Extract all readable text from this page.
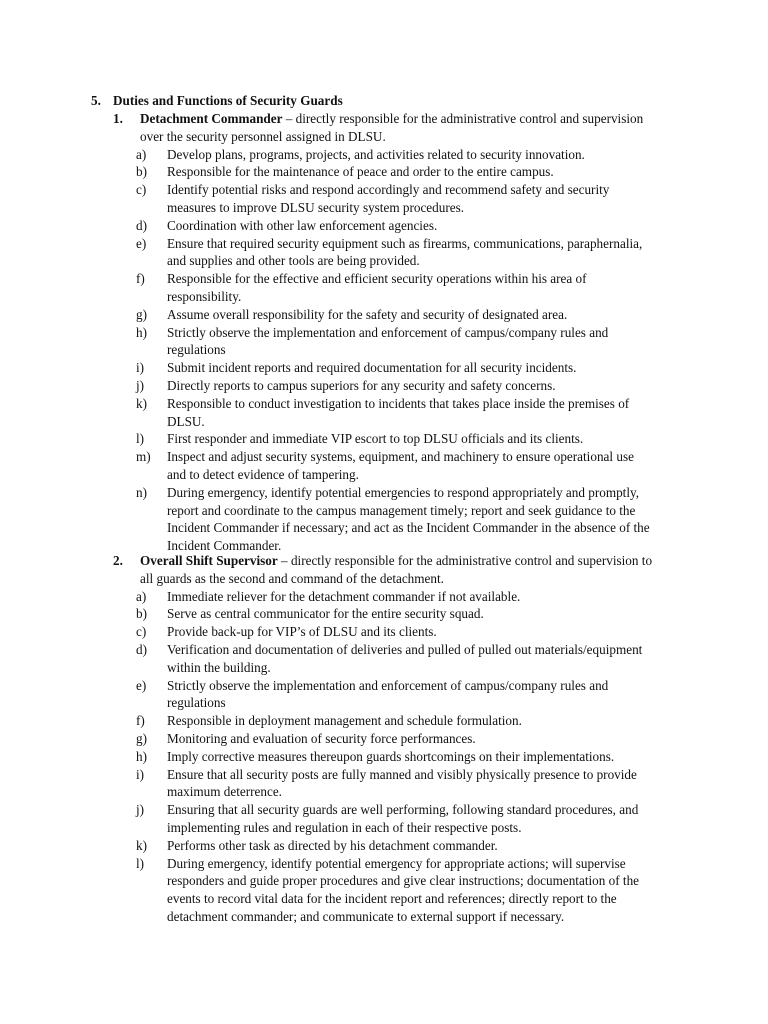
5. Duties and Functions of Security Guards
1. Detachment Commander – directly responsible for the administrative control and supervision
over the security personnel assigned in DLSU.
a) Develop plans, programs, projects, and activities related to security innovation.
b) Responsible for the maintenance of peace and order to the entire campus.
c) Identify potential risks and respond accordingly and recommend safety and security
measures to improve DLSU security system procedures.
d) Coordination with other law enforcement agencies.
e) Ensure that required security equipment such as firearms, communications, paraphernalia,
and supplies and other tools are being provided.
f) Responsible for the effective and efficient security operations within his area of
responsibility.
g) Assume overall responsibility for the safety and security of designated area.
h) Strictly observe the implementation and enforcement of campus/company rules and
regulations
i) Submit incident reports and required documentation for all security incidents.
j) Directly reports to campus superiors for any security and safety concerns.
k) Responsible to conduct investigation to incidents that takes place inside the premises of
DLSU.
l) First responder and immediate VIP escort to top DLSU officials and its clients.
m) Inspect and adjust security systems, equipment, and machinery to ensure operational use
and to detect evidence of tampering.
n) During emergency, identify potential emergencies to respond appropriately and promptly,
report and coordinate to the campus management timely; report and seek guidance to the
Incident Commander if necessary; and act as the Incident Commander in the absence of the
Incident Commander.
2. Overall Shift Supervisor – directly responsible for the administrative control and supervision to
all guards as the second and command of the detachment.
a) Immediate reliever for the detachment commander if not available.
b) Serve as central communicator for the entire security squad.
c) Provide back-up for VIP’s of DLSU and its clients.
d) Verification and documentation of deliveries and pulled of pulled out materials/equipment
within the building.
e) Strictly observe the implementation and enforcement of campus/company rules and
regulations
f) Responsible in deployment management and schedule formulation.
g) Monitoring and evaluation of security force performances.
h) Imply corrective measures thereupon guards shortcomings on their implementations.
i) Ensure that all security posts are fully manned and visibly physically presence to provide
maximum deterrence.
j) Ensuring that all security guards are well performing, following standard procedures, and
implementing rules and regulation in each of their respective posts.
k) Performs other task as directed by his detachment commander.
l) During emergency, identify potential emergency for appropriate actions; will supervise
responders and guide proper procedures and give clear instructions; documentation of the
events to record vital data for the incident report and references; directly report to the
detachment commander; and communicate to external support if necessary.
